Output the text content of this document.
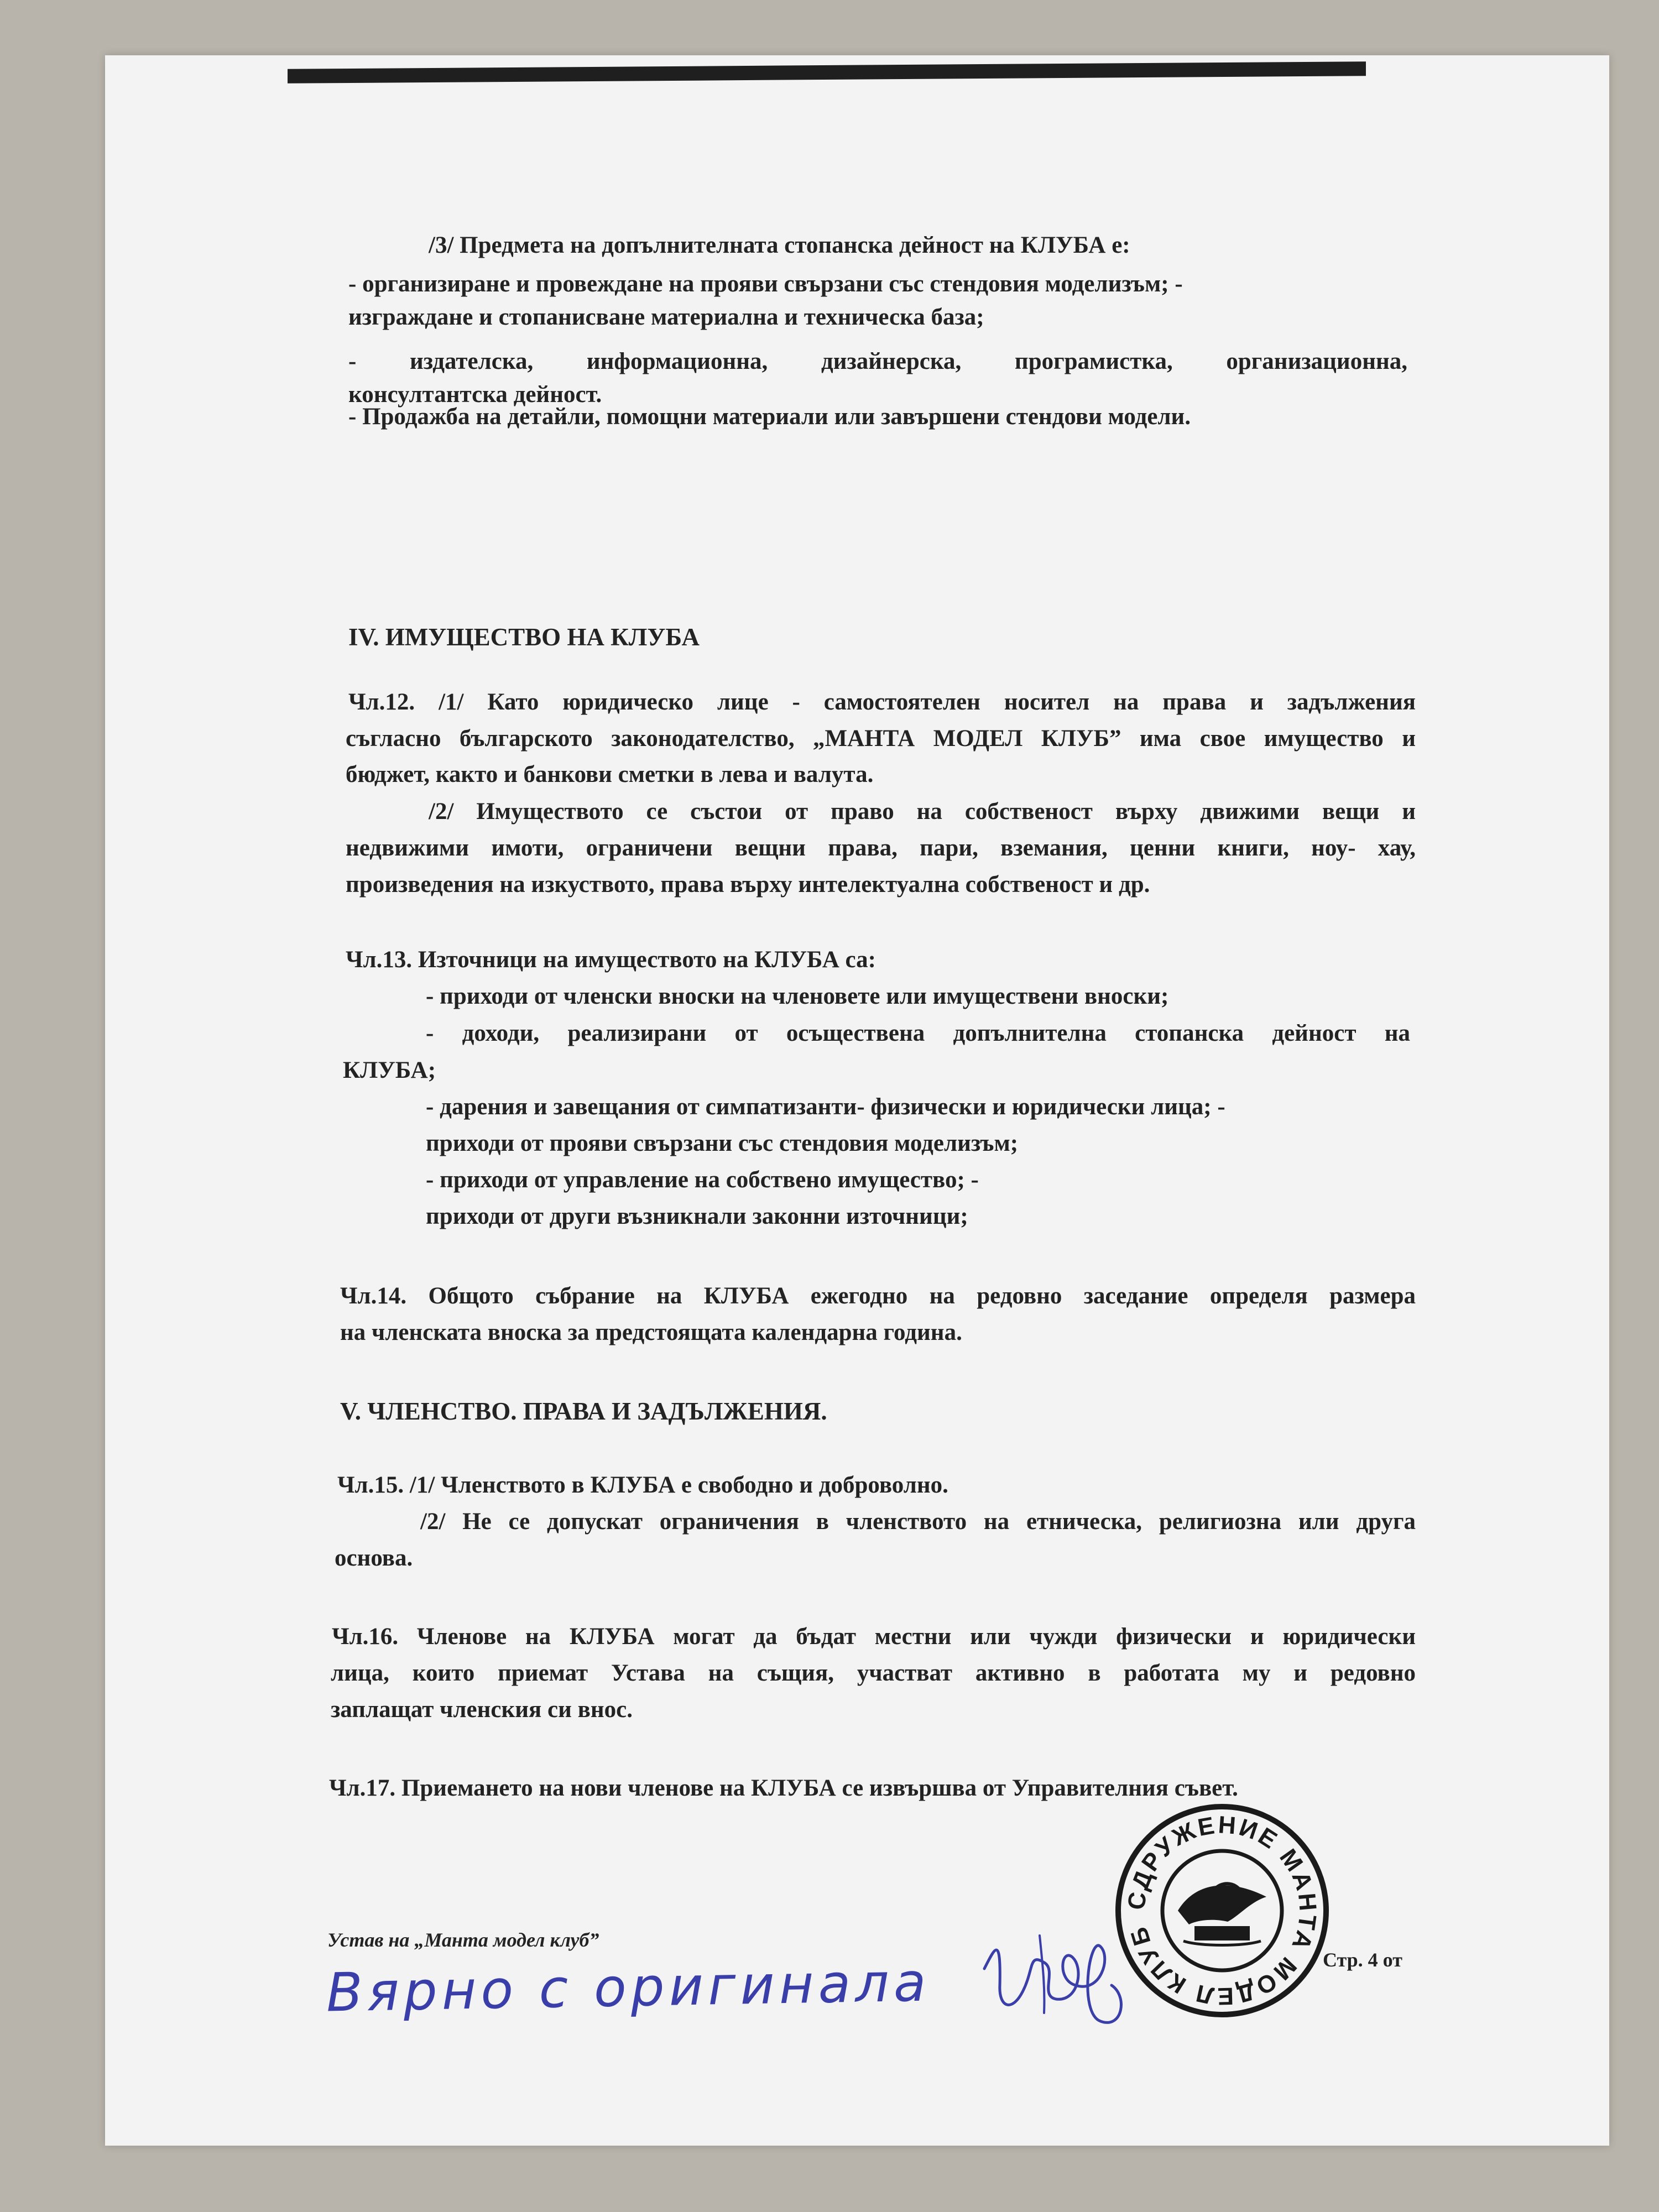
/3/ Предмета на допълнителната стопанска дейност на КЛУБА е:
- организиране и провеждане на прояви свързани със стендовия моделизъм; -
изграждане и стопанисване материална и техническа база;
- издателска, информационна, дизайнерска, програмистка, организационна,
консултантска дейност.
- Продажба на детайли, помощни материали или завършени стендови модели.
IV. ИМУЩЕСТВО НА КЛУБА
Чл.12. /1/ Като юридическо лице - самостоятелен носител на права и задължения
съгласно българското законодателство, „МАНТА МОДЕЛ КЛУБ” има свое имущество и
бюджет, както и банкови сметки в лева и валута.
/2/ Имуществото се състои от право на собственост върху движими вещи и
недвижими имоти, ограничени вещни права, пари, вземания, ценни книги, ноу- хау,
произведения на изкуството, права върху интелектуална собственост и др.
Чл.13. Източници на имуществото на КЛУБА са:
- приходи от членски вноски на членовете или имуществени вноски;
- доходи, реализирани от осъществена допълнителна стопанска дейност на
КЛУБА;
- дарения и завещания от симпатизанти- физически и юридически лица; -
приходи от прояви свързани със стендовия моделизъм;
- приходи от управление на собствено имущество; -
приходи от други възникнали законни източници;
Чл.14. Общото събрание на КЛУБА ежегодно на редовно заседание определя размера
на членската вноска за предстоящата календарна година.
V. ЧЛЕНСТВО. ПРАВА И ЗАДЪЛЖЕНИЯ.
Чл.15. /1/ Членството в КЛУБА е свободно и доброволно.
/2/ Не се допускат ограничения в членството на етническа, религиозна или друга
основа.
Чл.16. Членове на КЛУБА могат да бъдат местни или чужди физически и юридически
лица, които приемат Устава на същия, участват активно в работата му и редовно
заплащат членския си внос.
Чл.17. Приемането на нови членове на КЛУБА се извършва от Управителния съвет.
Устав на „Манта модел клуб”
Стр. 4 от
Вярно с оригинала
СДРУЖЕНИЕ МАНТА МОДЕЛ КЛУБ
